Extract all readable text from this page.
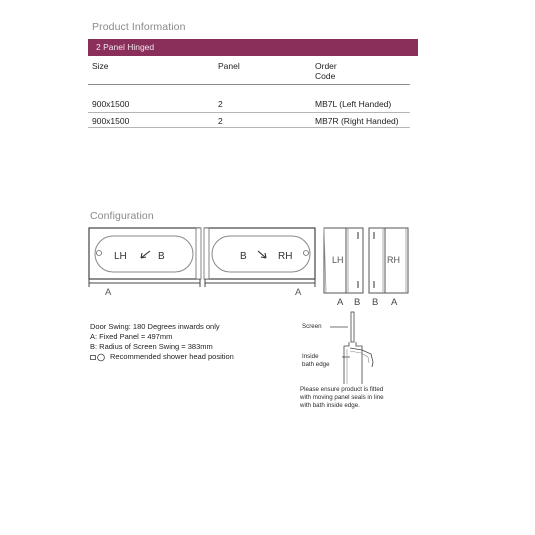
Product Information
2 Panel Hinged
Size	Panel	Order
Code
900x1500	2	MB7L (Left Handed)
900x1500	2	MB7R (Right Handed)
Configuration
LH	B
A
B	RH
A
LH	RH
A B B A
Door Swing: 180 Degrees inwards only
A: Fixed Panel = 497mm
B: Radius of Screen Swing = 383mm
Recommended shower head position
Screen
Inside
bath edge
Please ensure product is fitted
with moving panel seals in line
with bath inside edge.
